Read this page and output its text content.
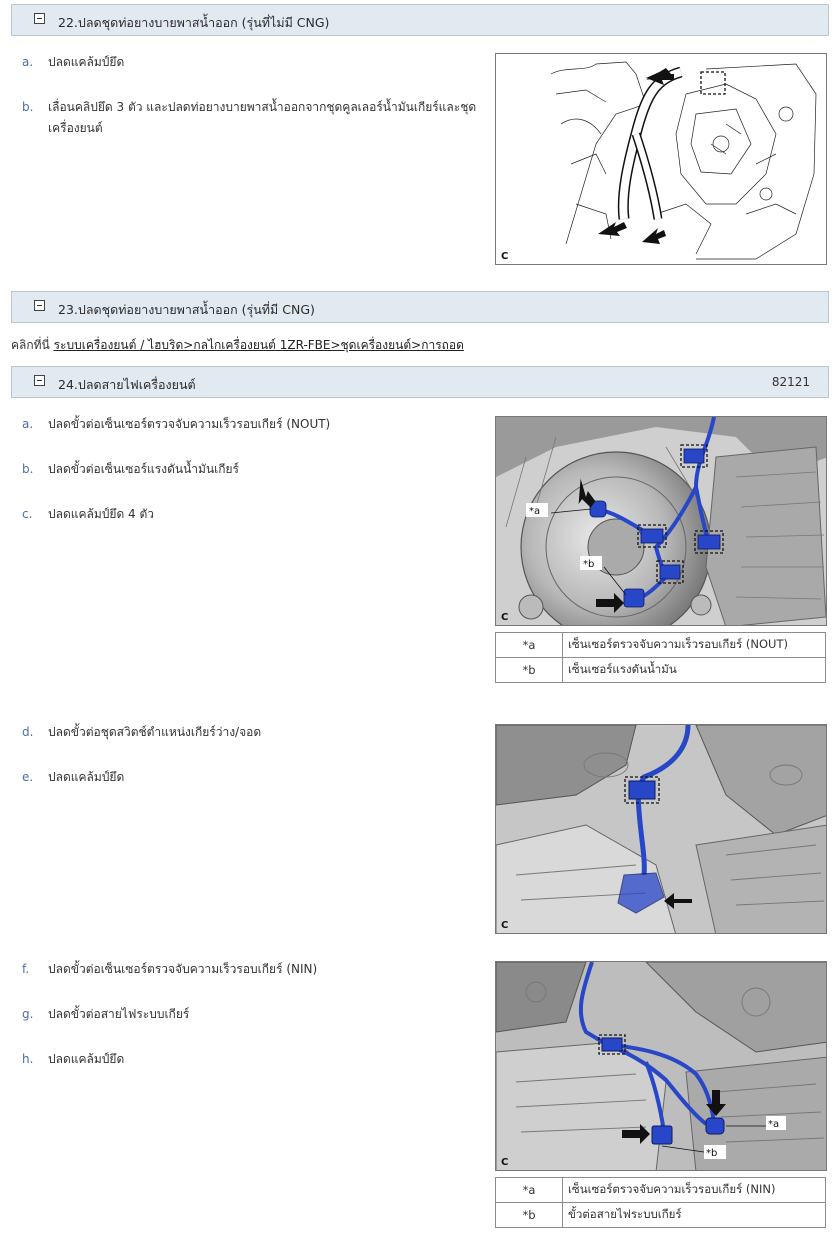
22.ปลดชุดท่อยางบายพาสน้ำออก (รุ่นที่ไม่มี CNG)
a.	ปลดแคล้มป์ยึด
b.	เลื่อนคลิปยึด 3 ตัว และปลดท่อยางบายพาสน้ำออกจากชุดคูลเลอร์น้ำมันเกียร์และชุดเครื่องยนต์
C
23.ปลดชุดท่อยางบายพาสน้ำออก (รุ่นที่มี CNG)
คลิกที่นี่ ระบบเครื่องยนต์ / ไฮบริด>กลไกเครื่องยนต์ 1ZR-FBE>ชุดเครื่องยนต์>การถอด
24.ปลดสายไฟเครื่องยนต์	82121
a.	ปลดขั้วต่อเซ็นเซอร์ตรวจจับความเร็วรอบเกียร์ (NOUT)
b.	ปลดขั้วต่อเซ็นเซอร์แรงดันน้ำมันเกียร์
c.	ปลดแคล้มป์ยึด 4 ตัว	*a
*b
C
*a	เซ็นเซอร์ตรวจจับความเร็วรอบเกียร์ (NOUT)
*b	เซ็นเซอร์แรงดันน้ำมัน
d.	ปลดขั้วต่อชุดสวิตช์ตำแหน่งเกียร์ว่าง/จอด
e.	ปลดแคล้มป์ยึด
C
f.	ปลดขั้วต่อเซ็นเซอร์ตรวจจับความเร็วรอบเกียร์ (NIN)
g.	ปลดขั้วต่อสายไฟระบบเกียร์
h.	ปลดแคล้มป์ยึด
*a
*b
C
*a	เซ็นเซอร์ตรวจจับความเร็วรอบเกียร์ (NIN)
*b	ขั้วต่อสายไฟระบบเกียร์
